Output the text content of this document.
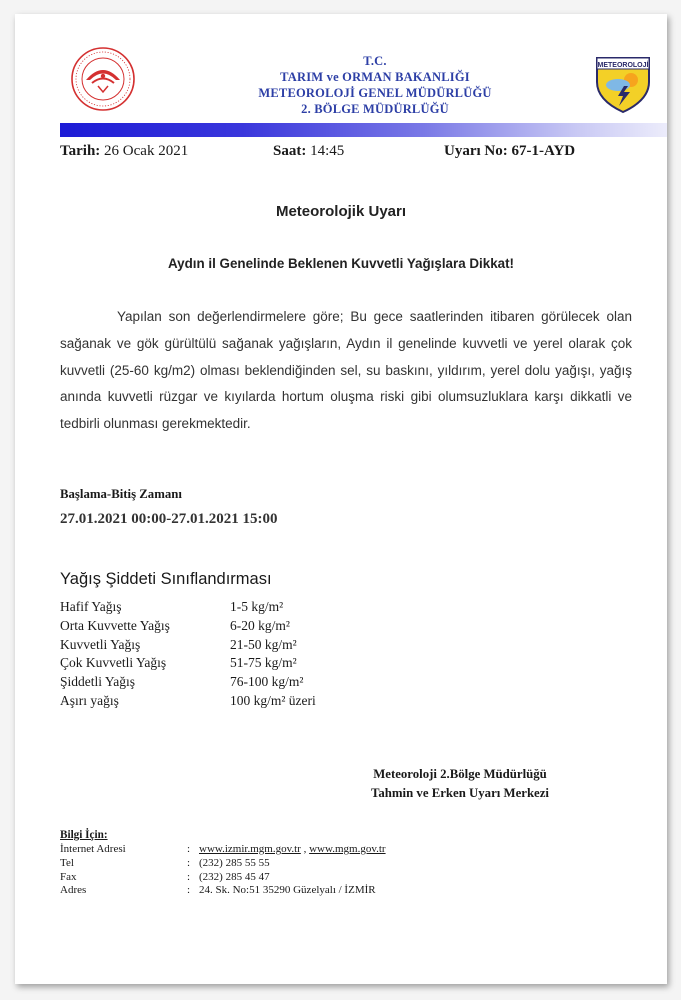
T.C.
TARIM ve ORMAN BAKANLIĞI
METEOROLOJİ GENEL MÜDÜRLÜĞÜ
2. BÖLGE MÜDÜRLÜĞÜ
METEOROLOJİ
Tarih: 26 Ocak 2021	Saat: 14:45	Uyarı No: 67-1-AYD
Meteorolojik Uyarı
Aydın il Genelinde Beklenen Kuvvetli Yağışlara Dikkat!
Yapılan son değerlendirmelere göre; Bu gece saatlerinden itibaren görülecek olan sağanak ve gök gürültülü sağanak yağışların, Aydın il genelinde kuvvetli ve yerel olarak çok kuvvetli (25-60 kg/m2) olması beklendiğinden sel, su baskını, yıldırım, yerel dolu yağışı, yağış anında kuvvetli rüzgar ve kıyılarda hortum oluşma riski gibi olumsuzluklara karşı dikkatli ve tedbirli olunması gerekmektedir.
Başlama-Bitiş Zamanı
27.01.2021 00:00-27.01.2021 15:00
Yağış Şiddeti Sınıflandırması
Hafif Yağış	1-5 kg/m²
Orta Kuvvette Yağış	6-20 kg/m²
Kuvvetli Yağış	21-50 kg/m²
Çok Kuvvetli Yağış	51-75 kg/m²
Şiddetli Yağış	76-100 kg/m²
Aşırı yağış	100 kg/m² üzeri
Meteoroloji 2.Bölge Müdürlüğü
Tahmin ve Erken Uyarı Merkezi
Bilgi İçin:
İnternet Adresi	: www.izmir.mgm.gov.tr , www.mgm.gov.tr
Tel	: (232) 285 55 55
Fax	: (232) 285 45 47
Adres	: 24. Sk. No:51 35290 Güzelyalı / İZMİR
